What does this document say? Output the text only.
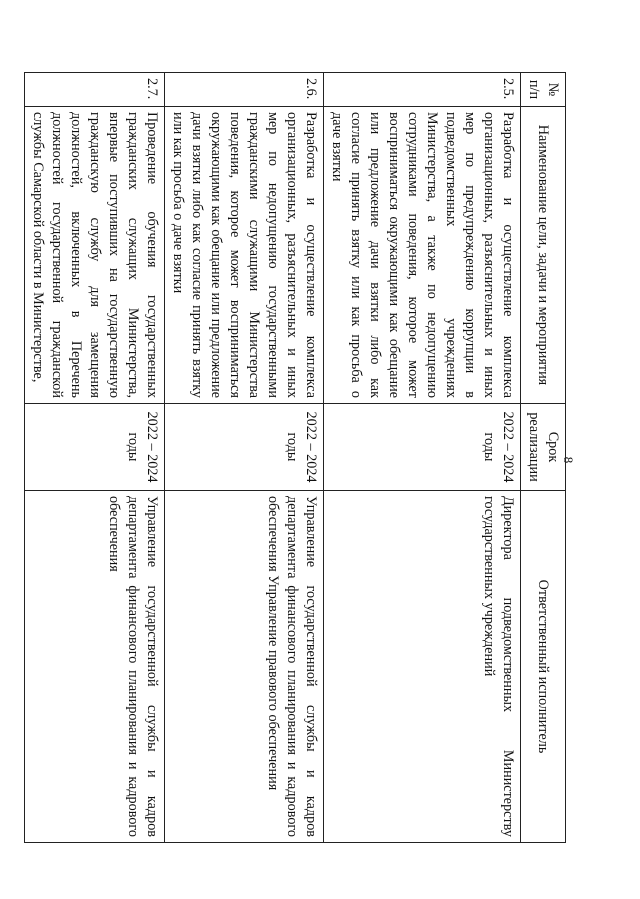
8
№ п/п	Наименование цели, задачи и мероприятия	Срок реализации	Ответственный исполнитель
2.5.	Разработка и осуществление комплекса организационных, разъяснительных и иных мер по предупреждению коррупции в подведомственных учреждениях Министерства, а также по недопущению сотрудниками поведения, которое может восприниматься окружающими как обещание или предложение дачи взятки либо как согласие принять взятку или как просьба о даче взятки	2022 – 2024 годы	Директора подведомственных Министерству государственных учреждений
2.6.	Разработка и осуществление комплекса организационных, разъяснительных и иных мер по недопущению государственными гражданскими служащими Министерства поведения, которое может восприниматься окружающими как обещание или предложение дачи взятки либо как согласие принять взятку или как просьба о даче взятки	2022 – 2024 годы	Управление государственной службы и кадров департамента финансового планирования и кадрового обеспечения Управление правового обеспечения
2.7.	Проведение обучения государственных гражданских служащих Министерства, впервые поступивших на государственную гражданскую службу для замещения должностей, включенных в Перечень должностей государственной гражданской службы Самарской области в Министерстве,	2022 – 2024 годы	Управление государственной службы и кадров департамента финансового планирования и кадрового обеспечения
